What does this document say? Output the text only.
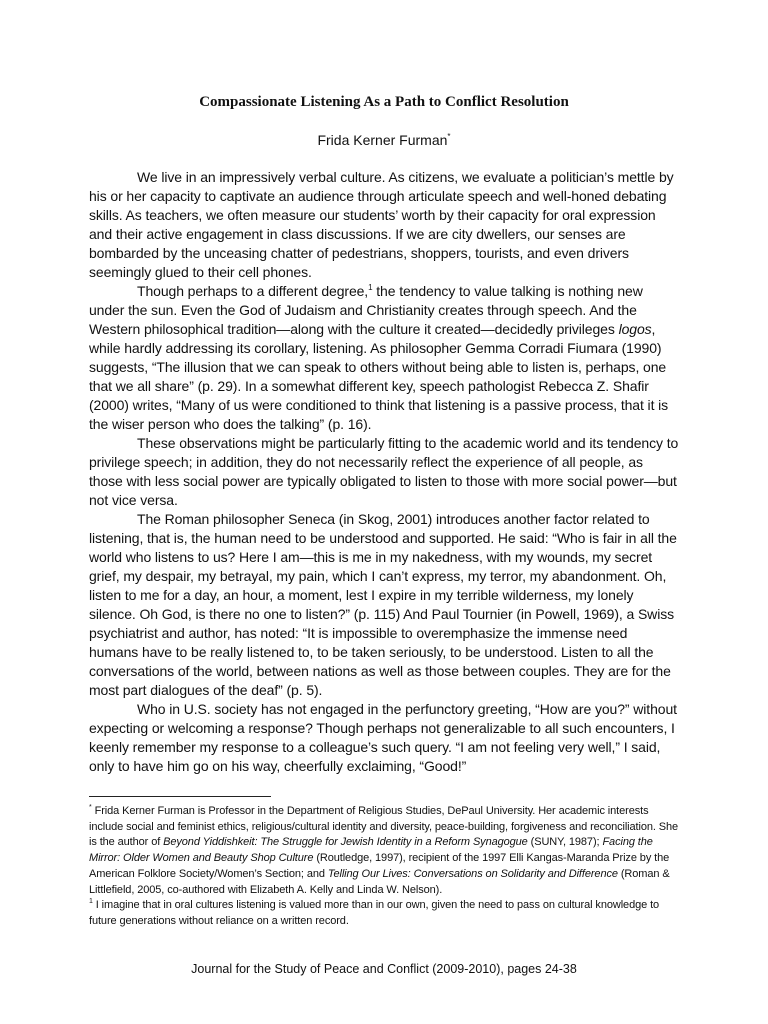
Compassionate Listening As a Path to Conflict Resolution
Frida Kerner Furman*

We live in an impressively verbal culture. As citizens, we evaluate a politician’s mettle by his or her capacity to captivate an audience through articulate speech and well-honed debating skills. As teachers, we often measure our students’ worth by their capacity for oral expression and their active engagement in class discussions. If we are city dwellers, our senses are bombarded by the unceasing chatter of pedestrians, shoppers, tourists, and even drivers seemingly glued to their cell phones.

Though perhaps to a different degree,$^1$ the tendency to value talking is nothing new under the sun. Even the God of Judaism and Christianity creates through speech. And the Western philosophical tradition—along with the culture it created—decidedly privileges logos, while hardly addressing its corollary, listening. As philosopher Gemma Corradi Fiumara (1990) suggests, “The illusion that we can speak to others without being able to listen is, perhaps, one that we all share” (p. 29). In a somewhat different key, speech pathologist Rebecca Z. Shafir (2000) writes, “Many of us were conditioned to think that listening is a passive process, that it is the wiser person who does the talking” (p. 16).

These observations might be particularly fitting to the academic world and its tendency to privilege speech; in addition, they do not necessarily reflect the experience of all people, as those with less social power are typically obligated to listen to those with more social power—but not vice versa.

The Roman philosopher Seneca (in Skog, 2001) introduces another factor related to listening, that is, the human need to be understood and supported. He said: “Who is fair in all the world who listens to us? Here I am—this is me in my nakedness, with my wounds, my secret grief, my despair, my betrayal, my pain, which I can’t express, my terror, my abandonment. Oh, listen to me for a day, an hour, a moment, lest I expire in my terrible wilderness, my lonely silence. Oh God, is there no one to listen?” (p. 115) And Paul Tournier (in Powell, 1969), a Swiss psychiatrist and author, has noted: “It is impossible to overemphasize the immense need humans have to be really listened to, to be taken seriously, to be understood. Listen to all the conversations of the world, between nations as well as those between couples. They are for the most part dialogues of the deaf” (p. 5).

Who in U.S. society has not engaged in the perfunctory greeting, “How are you?” without expecting or welcoming a response? Though perhaps not generalizable to all such encounters, I keenly remember my response to a colleague’s such query. “I am not feeling very well,” I said, only to have him go on his way, cheerfully exclaiming, “Good!”

* Frida Kerner Furman is Professor in the Department of Religious Studies, DePaul University. Her academic interests include social and feminist ethics, religious/cultural identity and diversity, peace-building, forgiveness and reconciliation. She is the author of Beyond Yiddishkeit: The Struggle for Jewish Identity in a Reform Synagogue (SUNY, 1987); Facing the Mirror: Older Women and Beauty Shop Culture (Routledge, 1997), recipient of the 1997 Elli Kangas-Maranda Prize by the American Folklore Society/Women’s Section; and Telling Our Lives: Conversations on Solidarity and Difference (Roman & Littlefield, 2005, co-authored with Elizabeth A. Kelly and Linda W. Nelson).

$^1$ I imagine that in oral cultures listening is valued more than in our own, given the need to pass on cultural knowledge to future generations without reliance on a written record.

Journal for the Study of Peace and Conflict (2009-2010), pages 24-38
